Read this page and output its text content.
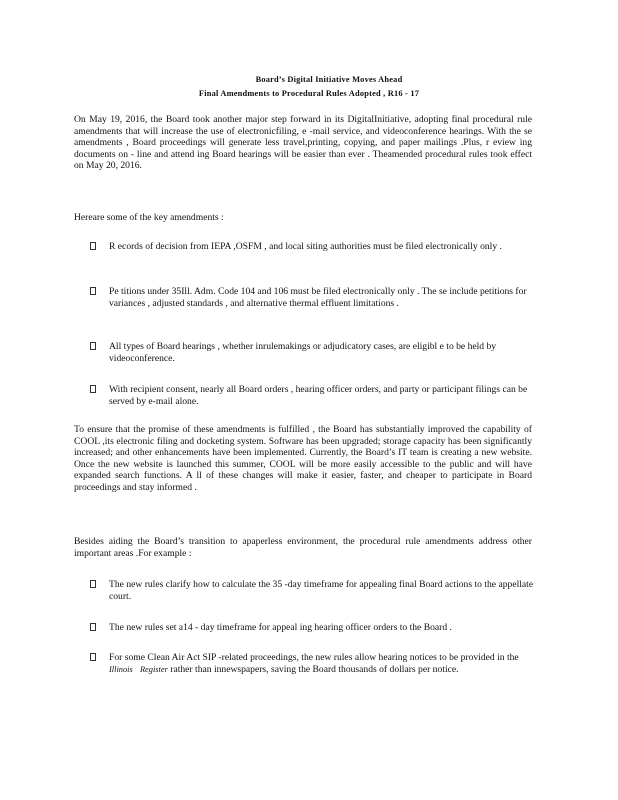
Board’s Digital Initiative Moves Ahead
Final Amendments to Procedural Rules Adopted , R16 - 17

On May 19, 2016, the Board took another major step forward in its DigitalInitiative, adopting final procedural rule amendments that will increase the use of electronicfiling, e -mail service, and videoconference hearings. With the se amendments , Board proceedings will generate less travel,printing, copying, and paper mailings .Plus, r eview ing documents on - line and attend ing Board hearings will be easier than ever . Theamended procedural rules took effect on May 20, 2016.

Hereare some of the key amendments :

R ecords of decision from IEPA ,OSFM , and local siting authorities must be filed electronically only .
Pe titions under 35Ill. Adm. Code 104 and 106 must be filed electronically only . The se include petitions for variances , adjusted standards , and alternative thermal effluent limitations .
All types of Board hearings , whether inrulemakings or adjudicatory cases, are eligibl e to be held by videoconference.
With recipient consent, nearly all Board orders , hearing officer orders, and party or participant filings can be served by e-mail alone.

To ensure that the promise of these amendments is fulfilled , the Board has substantially improved the capability of COOL ,its electronic filing and docketing system. Software has been upgraded; storage capacity has been significantly increased; and other enhancements have been implemented. Currently, the Board’s IT team is creating a new website. Once the new website is launched this summer, COOL will be more easily accessible to the public and will have expanded search functions. A ll of these changes will make it easier, faster, and cheaper to participate in Board proceedings and stay informed .

Besides aiding the Board’s transition to apaperless environment, the procedural rule amendments address other important areas .For example :

The new rules clarify how to calculate the 35 -day timeframe for appealing final Board actions to the appellate court.
The new rules set a14 - day timeframe for appeal ing hearing officer orders to the Board .
For some Clean Air Act SIP -related proceedings, the new rules allow hearing notices to be provided in the Illinois Register rather than innewspapers, saving the Board thousands of dollars per notice.
